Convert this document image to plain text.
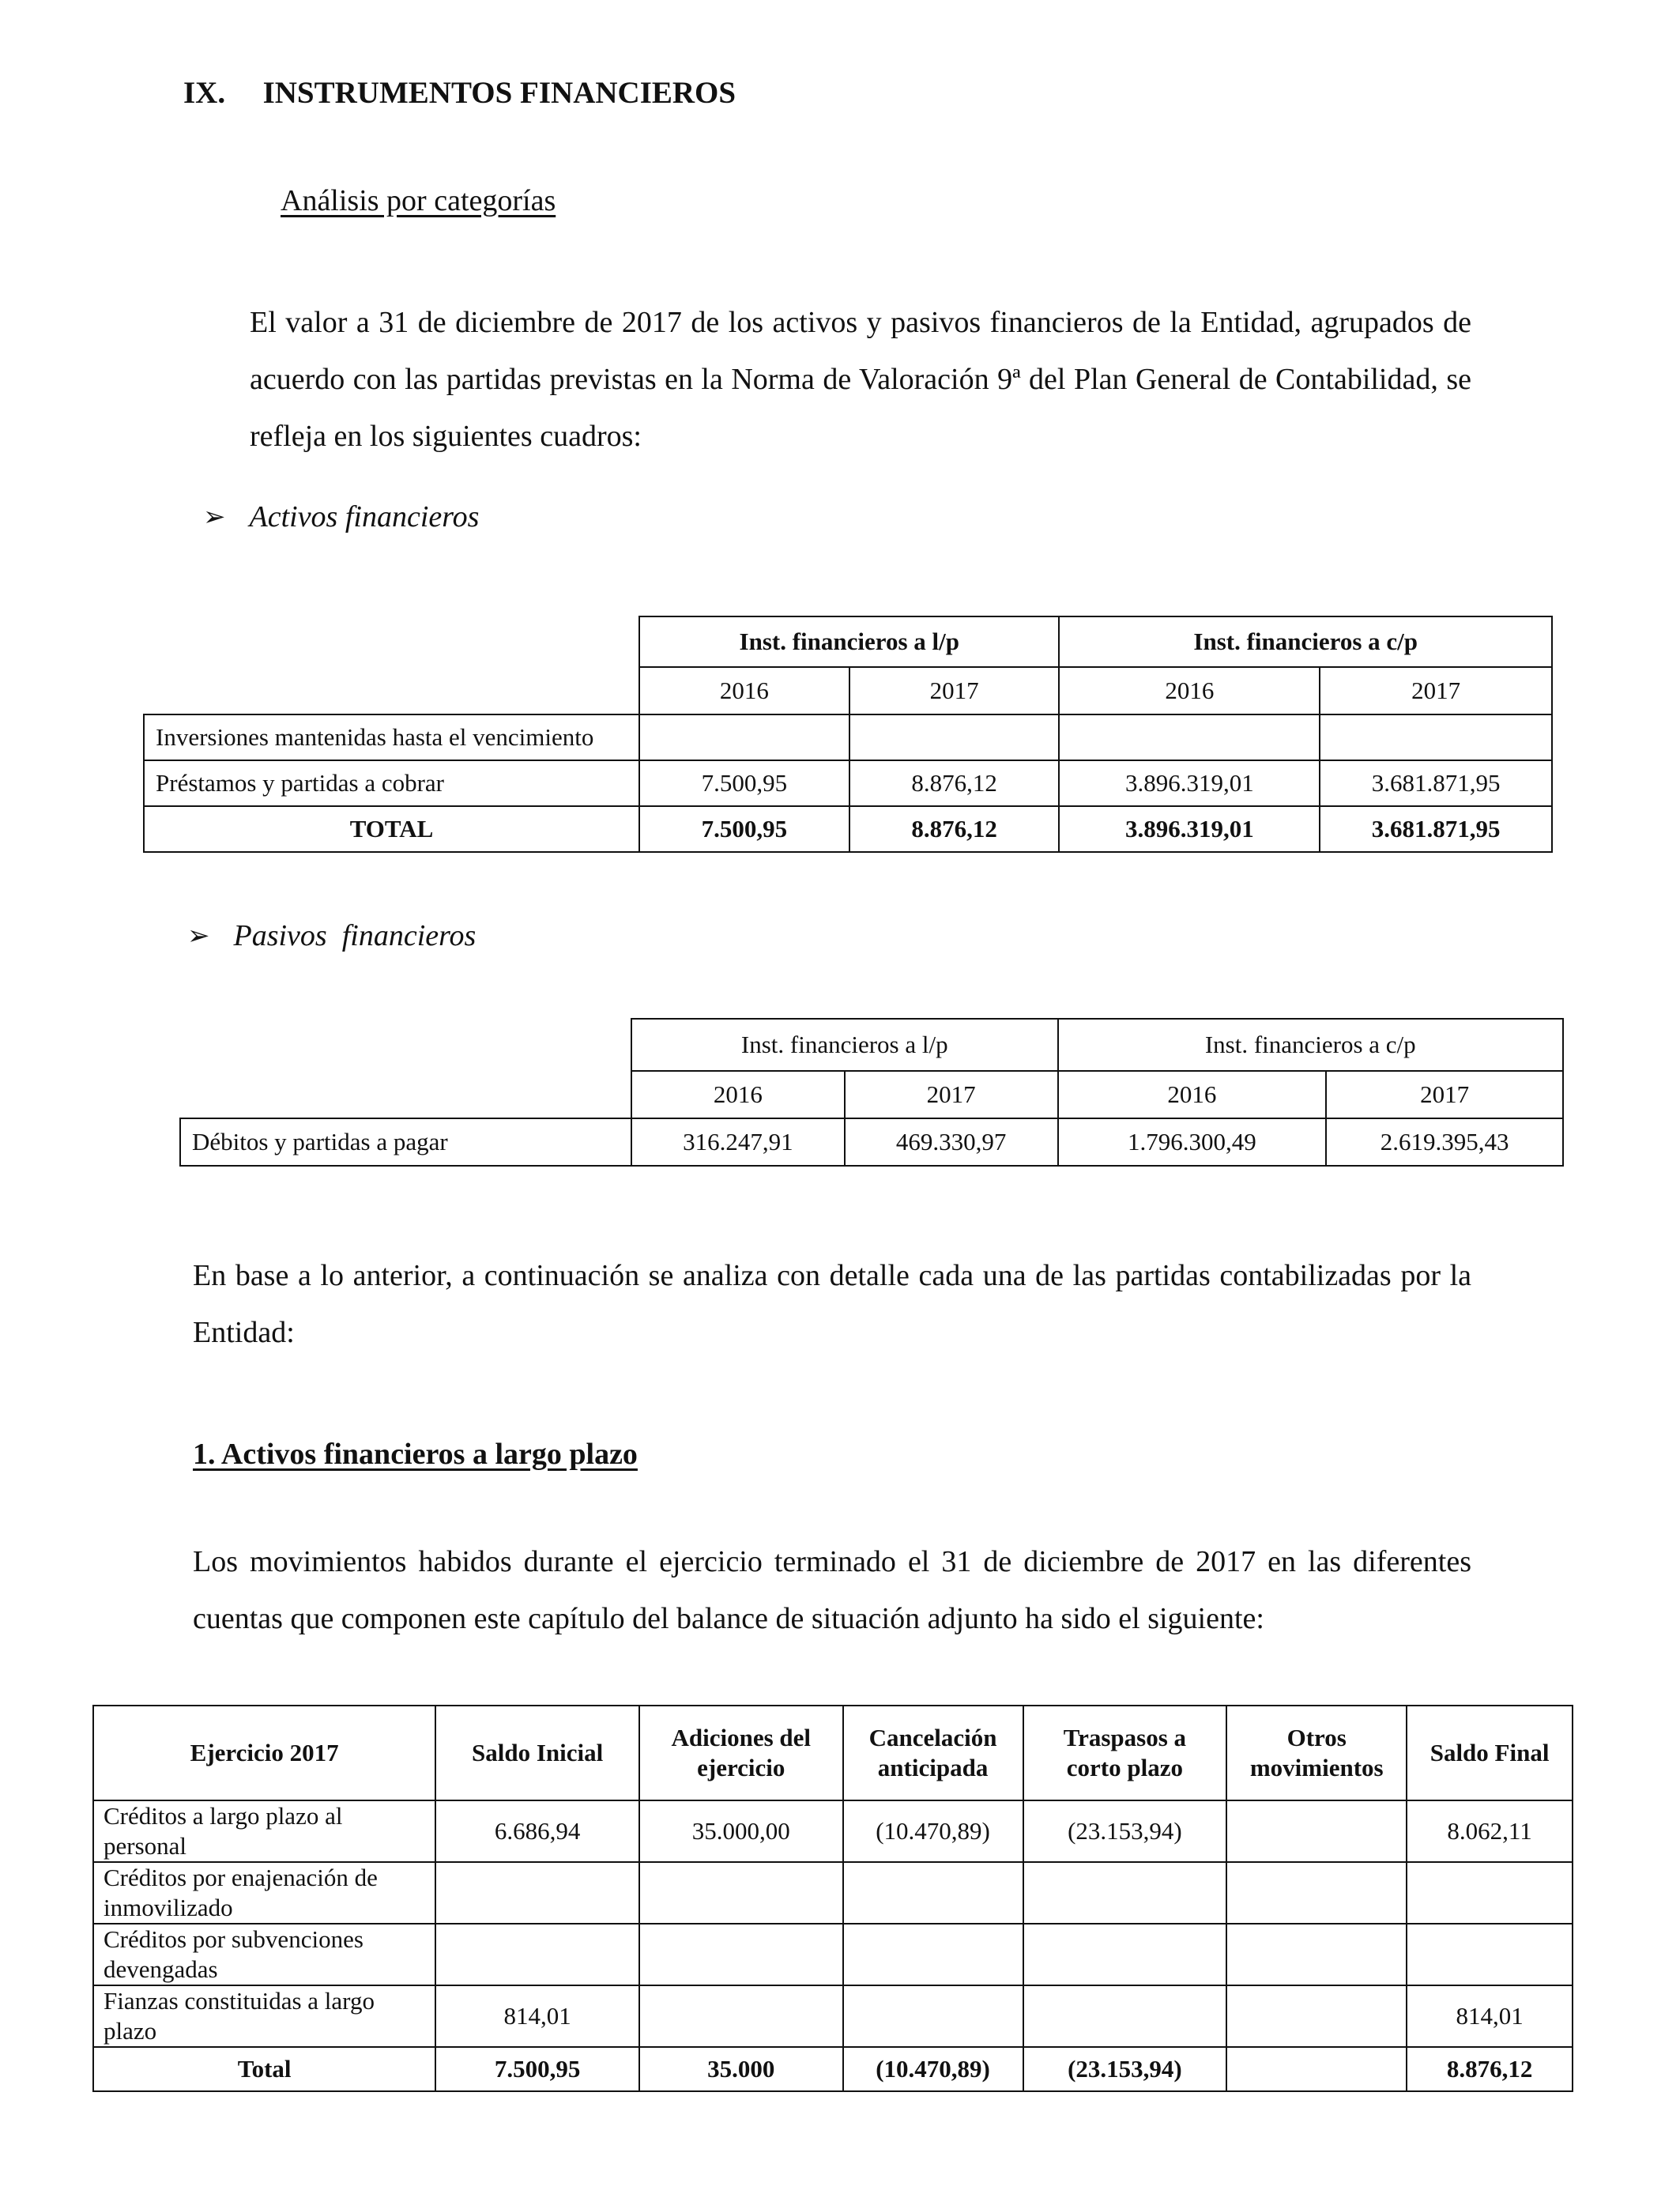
IX. INSTRUMENTOS FINANCIEROS
Análisis por categorías
El valor a 31 de diciembre de 2017 de los activos y pasivos financieros de la Entidad, agrupados de acuerdo con las partidas previstas en la Norma de Valoración 9ª del Plan General de Contabilidad, se refleja en los siguientes cuadros:
➢ Activos financieros
	Inst. financieros a l/p		Inst. financieros a c/p	
	2016	2017	2016	2017
Inversiones mantenidas hasta el vencimiento				
Préstamos y partidas a cobrar	7.500,95	8.876,12	3.896.319,01	3.681.871,95
TOTAL	7.500,95	8.876,12	3.896.319,01	3.681.871,95
➢ Pasivos  financieros
	Inst. financieros a l/p		Inst. financieros a c/p	
	2016	2017	2016	2017
Débitos y partidas a pagar	316.247,91	469.330,97	1.796.300,49	2.619.395,43
En base a lo anterior, a continuación se analiza con detalle cada una de las partidas contabilizadas por la Entidad:
1. Activos financieros a largo plazo
Los movimientos habidos durante el ejercicio terminado el 31 de diciembre de 2017 en las diferentes cuentas que componen este capítulo del balance de situación adjunto ha sido el siguiente:
Ejercicio 2017	Saldo Inicial	Adiciones del ejercicio	Cancelación anticipada	Traspasos a corto plazo	Otros movimientos	Saldo Final
Créditos a largo plazo al personal	6.686,94	35.000,00	(10.470,89)	(23.153,94)		8.062,11
Créditos por enajenación de inmovilizado						
Créditos por subvenciones devengadas						
Fianzas constituidas a largo plazo	814,01					814,01
Total	7.500,95	35.000	(10.470,89)	(23.153,94)		8.876,12
